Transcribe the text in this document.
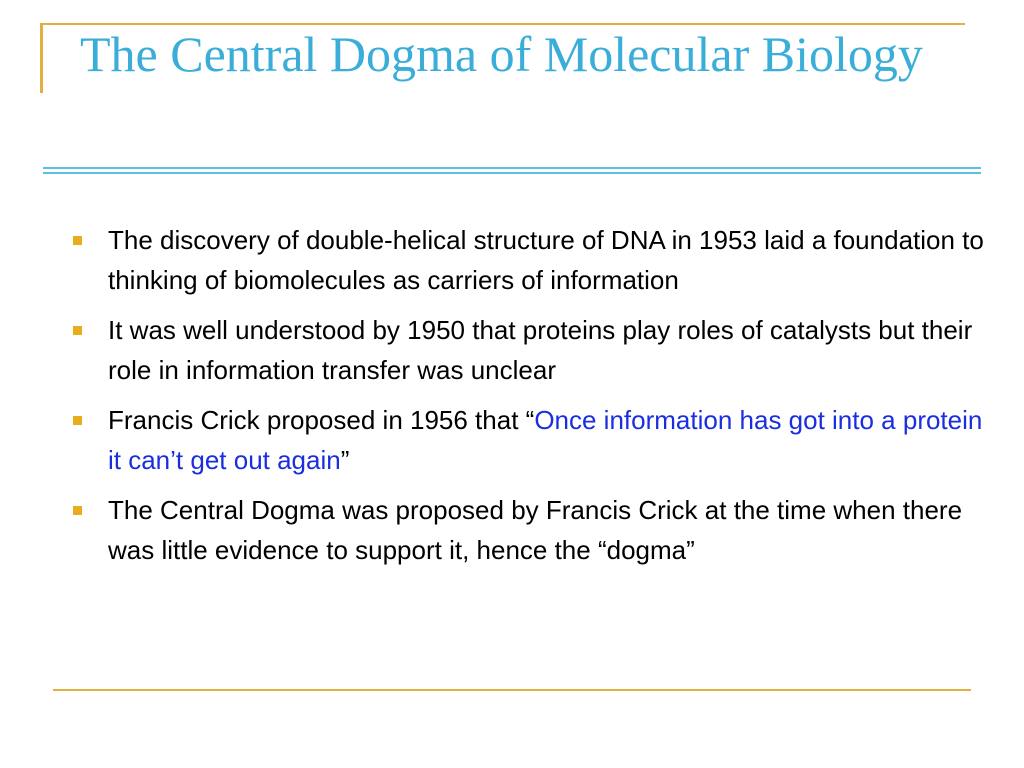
The Central Dogma of Molecular Biology
The discovery of double-helical structure of DNA in 1953 laid a foundation to thinking of biomolecules as carriers of information
It was well understood by 1950 that proteins play roles of catalysts but their role in information transfer was unclear
Francis Crick proposed in 1956 that “Once information has got into a protein it can’t get out again”
The Central Dogma was proposed by Francis Crick at the time when there was little evidence to support it, hence the “dogma”
